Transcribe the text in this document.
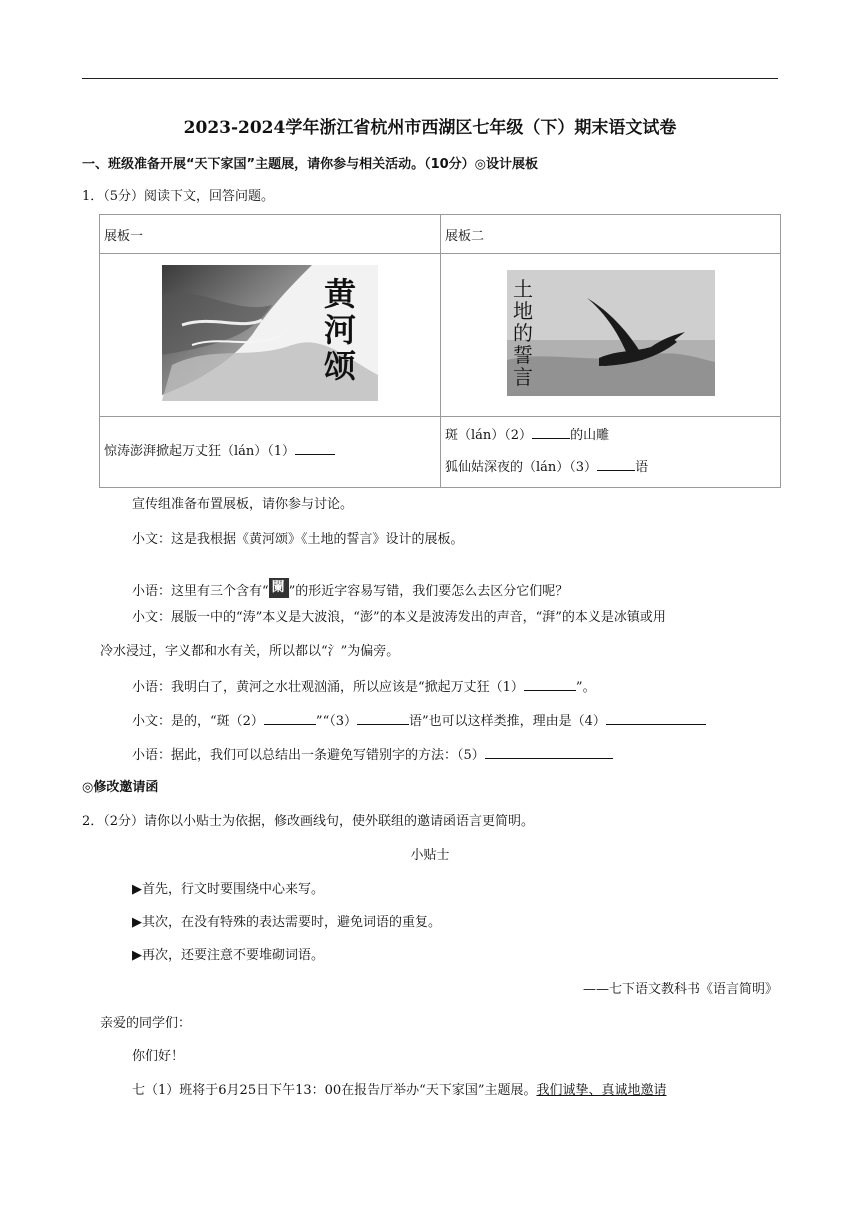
2023-2024学年浙江省杭州市西湖区七年级（下）期末语文试卷
一、班级准备开展“天下家国”主题展，请你参与相关活动。（10分）◎设计展板
1．（5分）阅读下文，回答问题。
展板一	展板二

黄河颂	土地的誓言

惊涛澎湃掀起万丈狂（lán）（1）	斑（lán）（2） 的山雕
狐仙姑深夜的（lán）（3） 语
宣传组准备布置展板，请你参与讨论。
小文：这是我根据《黄河颂》《土地的誓言》设计的展板。
小语：这里有三个含有“ 闌 ”的形近字容易写错，我们要怎么去区分它们呢？
小文：展版一中的“涛”本义是大波浪，“澎”的本义是波涛发出的声音，“湃”的本义是冰镇或用
冷水浸过，字义都和水有关，所以都以“氵”为偏旁。
小语：我明白了，黄河之水壮观汹涌，所以应该是“掀起万丈狂（1）	”。
小文：是的，“斑（2）	”“（3）	语”也可以这样类推，理由是（4）
小语：据此，我们可以总结出一条避免写错别字的方法：（5）
◎修改邀请函
2．（2分）请你以小贴士为依据，修改画线句，使外联组的邀请函语言更简明。
小贴士
▶首先，行文时要围绕中心来写。
▶其次，在没有特殊的表达需要时，避免词语的重复。
▶再次，还要注意不要堆砌词语。
——七下语文教科书《语言简明》
亲爱的同学们：
你们好！
七（1）班将于6月25日下午13：00在报告厅举办“天下家国”主题展。我们诚挚、真诚地邀请
